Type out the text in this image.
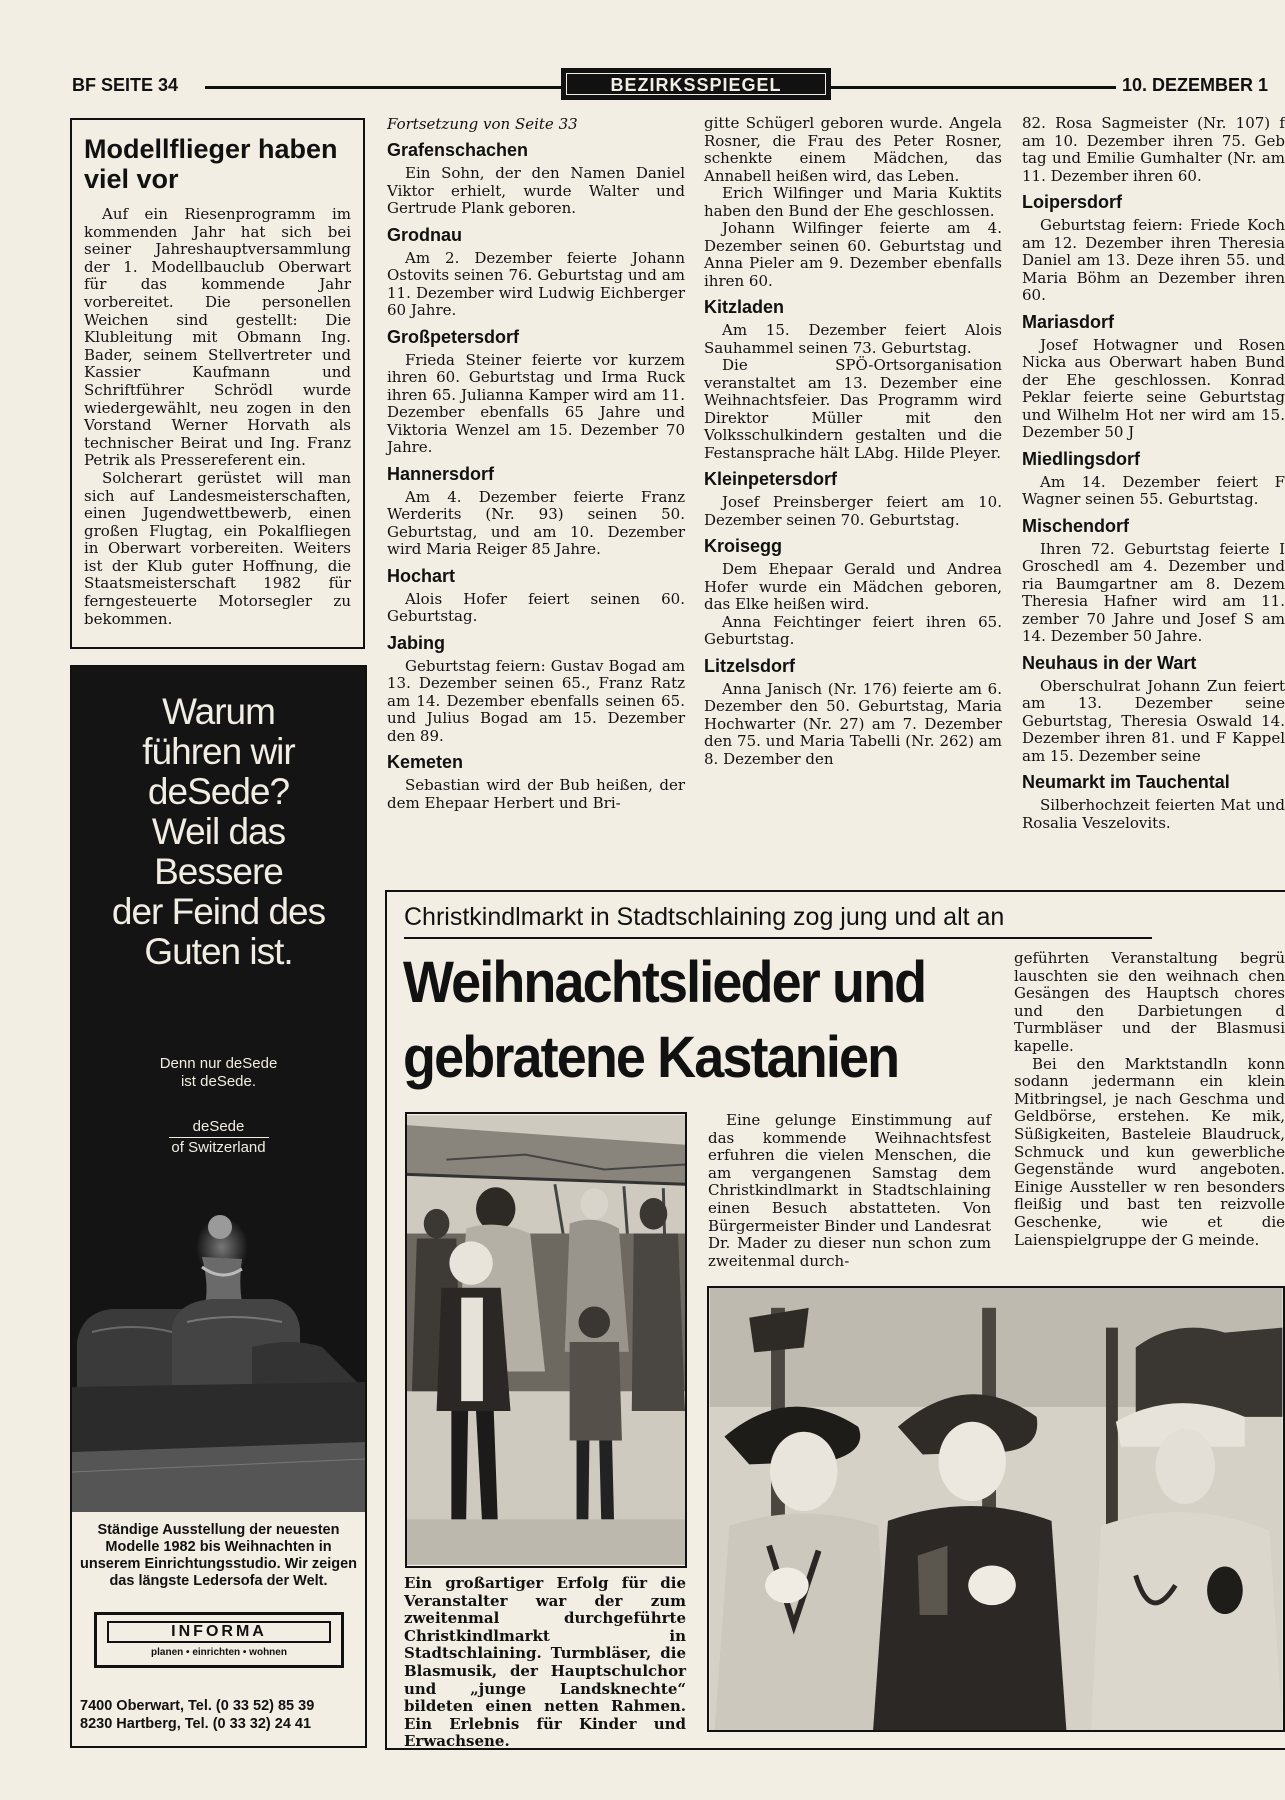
BF SEITE 34	BEZIRKSSPIEGEL	10. DEZEMBER 1
Modellflieger haben viel vor

Auf ein Riesenprogramm im kommenden Jahr hat sich bei seiner Jahreshauptversammlung der 1. Modellbauclub Oberwart für das kommende Jahr vorbereitet. Die personellen Weichen sind gestellt: Die Klubleitung mit Obmann Ing. Bader, seinem Stellvertreter und Kassier Kaufmann und Schriftführer Schrödl wurde wiedergewählt, neu zogen in den Vorstand Werner Horvath als technischer Beirat und Ing. Franz Petrik als Pressereferent ein.

Solcherart gerüstet will man sich auf Landesmeisterschaften, einen Jugendwettbewerb, einen großen Flugtag, ein Pokalfliegen in Oberwart vorbereiten. Weiters ist der Klub guter Hoffnung, die Staatsmeisterschaft 1982 für ferngesteuerte Motorsegler zu bekommen.

Warum
führen wir
deSede?
Weil das
Bessere
der Feind des
Guten ist.
Denn nur deSede
ist deSede.
deSede
of Switzerland
Ständige Ausstellung der neuesten Modelle 1982 bis Weihnachten in unserem Einrichtungsstudio. Wir zeigen das längste Ledersofa der Welt.
INFORMA
planen • einrichten • wohnen
7400 Oberwart, Tel. (0 33 52) 85 39
8230 Hartberg, Tel. (0 33 32) 24 41
Fortsetzung von Seite 33
Grafenschachen

Ein Sohn, der den Namen Daniel Viktor erhielt, wurde Walter und Gertrude Plank geboren.

Grodnau

Am 2. Dezember feierte Johann Ostovits seinen 76. Geburtstag und am 11. Dezember wird Ludwig Eichberger 60 Jahre.

Großpetersdorf

Frieda Steiner feierte vor kurzem ihren 60. Geburtstag und Irma Ruck ihren 65. Julianna Kamper wird am 11. Dezember ebenfalls 65 Jahre und Viktoria Wenzel am 15. Dezember 70 Jahre.

Hannersdorf

Am 4. Dezember feierte Franz Werderits (Nr. 93) seinen 50. Geburtstag, und am 10. Dezember wird Maria Reiger 85 Jahre.

Hochart

Alois Hofer feiert seinen 60. Geburtstag.

Jabing

Geburtstag feiern: Gustav Bogad am 13. Dezember seinen 65., Franz Ratz am 14. Dezember ebenfalls seinen 65. und Julius Bogad am 15. Dezember den 89.

Kemeten

Sebastian wird der Bub heißen, der dem Ehepaar Herbert und Bri-

gitte Schügerl geboren wurde. Angela Rosner, die Frau des Peter Rosner, schenkte einem Mädchen, das Annabell heißen wird, das Leben.

Erich Wilfinger und Maria Kuktits haben den Bund der Ehe geschlossen.

Johann Wilfinger feierte am 4. Dezember seinen 60. Geburtstag und Anna Pieler am 9. Dezember ebenfalls ihren 60.

Kitzladen

Am 15. Dezember feiert Alois Sauhammel seinen 73. Geburtstag.

Die SPÖ-Ortsorganisation veranstaltet am 13. Dezember eine Weihnachtsfeier. Das Programm wird Direktor Müller mit den Volksschulkindern gestalten und die Festansprache hält LAbg. Hilde Pleyer.

Kleinpetersdorf

Josef Preinsberger feiert am 10. Dezember seinen 70. Geburtstag.

Kroisegg

Dem Ehepaar Gerald und Andrea Hofer wurde ein Mädchen geboren, das Elke heißen wird.

Anna Feichtinger feiert ihren 65. Geburtstag.

Litzelsdorf

Anna Janisch (Nr. 176) feierte am 6. Dezember den 50. Geburtstag, Maria Hochwarter (Nr. 27) am 7. Dezember den 75. und Maria Tabelli (Nr. 262) am 8. Dezember den

82. Rosa Sagmeister (Nr. 107) f am 10. Dezember ihren 75. Geb tag und Emilie Gumhalter (Nr. am 11. Dezember ihren 60.

Loipersdorf

Geburtstag feiern: Friede Koch am 12. Dezember ihren Theresia Daniel am 13. Deze ihren 55. und Maria Böhm an Dezember ihren 60.

Mariasdorf

Josef Hotwagner und Rosen Nicka aus Oberwart haben Bund der Ehe geschlossen. Konrad Peklar feierte seine Geburtstag und Wilhelm Hot ner wird am 15. Dezember 50 J

Miedlingsdorf

Am 14. Dezember feiert F Wagner seinen 55. Geburtstag.

Mischendorf

Ihren 72. Geburtstag feierte I Groschedl am 4. Dezember und ria Baumgartner am 8. Dezem Theresia Hafner wird am 11. zember 70 Jahre und Josef S am 14. Dezember 50 Jahre.

Neuhaus in der Wart

Oberschulrat Johann Zun feiert am 13. Dezember seine Geburtstag, Theresia Oswald 14. Dezember ihren 81. und F Kappel am 15. Dezember seine

Neumarkt im Tauchental

Silberhochzeit feierten Mat und Rosalia Veszelovits.

Christkindlmarkt in Stadtschlaining zog jung und alt an
Weihnachtslieder und
gebratene Kastanien
Ein großartiger Erfolg für die Veranstalter war der zum zweitenmal durchgeführte Christkindlmarkt in Stadtschlaining. Turmbläser, die Blasmusik, der Hauptschulchor und „junge Landsknechte“ bildeten einen netten Rahmen. Ein Erlebnis für Kinder und Erwachsene.

Eine gelunge Einstimmung auf das kommende Weihnachtsfest erfuhren die vielen Menschen, die am vergangenen Samstag dem Christkindlmarkt in Stadtschlaining einen Besuch abstatteten. Von Bürgermeister Binder und Landesrat Dr. Mader zu dieser nun schon zum zweitenmal durch-

geführten Veranstaltung begrü lauschten sie den weihnach chen Gesängen des Hauptsch chores und den Darbietungen d Turmbläser und der Blasmusi kapelle.

Bei den Marktstandln konn sodann jedermann ein klein Mitbringsel, je nach Geschma und Geldbörse, erstehen. Ke mik, Süßigkeiten, Basteleie Blaudruck, Schmuck und kun gewerbliche Gegenstände wurd angeboten. Einige Aussteller w ren besonders fleißig und bast ten reizvolle Geschenke, wie et die Laienspielgruppe der G meinde.
